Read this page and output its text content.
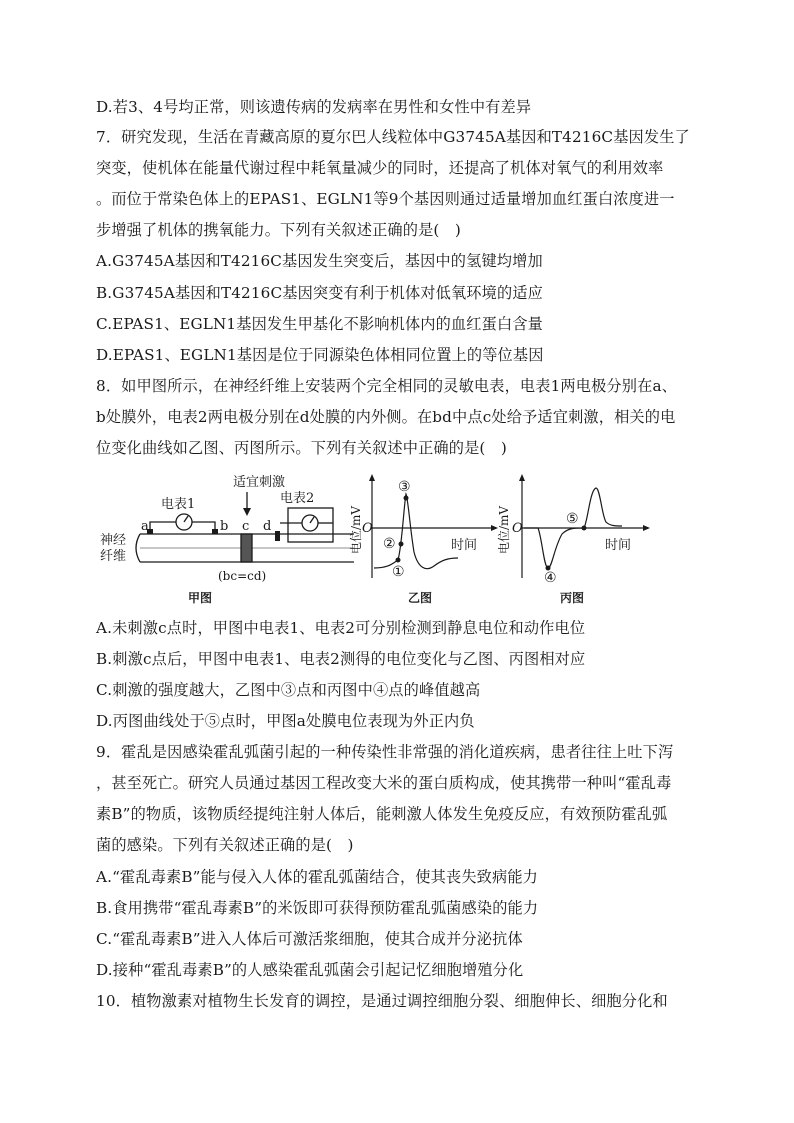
D.若3、4号均正常，则该遗传病的发病率在男性和女性中有差异
7．研究发现，生活在青藏高原的夏尔巴人线粒体中G3745A基因和T4216C基因发生了
突变，使机体在能量代谢过程中耗氧量减少的同时，还提高了机体对氧气的利用效率
。而位于常染色体上的EPAS1、EGLN1等9个基因则通过适量增加血红蛋白浓度进一
步增强了机体的携氧能力。下列有关叙述正确的是(　)
A.G3745A基因和T4216C基因发生突变后，基因中的氢键均增加
B.G3745A基因和T4216C基因突变有利于机体对低氧环境的适应
C.EPAS1、EGLN1基因发生甲基化不影响机体内的血红蛋白含量
D.EPAS1、EGLN1基因是位于同源染色体相同位置上的等位基因
8．如甲图所示，在神经纤维上安装两个完全相同的灵敏电表，电表1两电极分别在a、
b处膜外，电表2两电极分别在d处膜的内外侧。在bd中点c处给予适宜刺激，相关的电
位变化曲线如乙图、丙图所示。下列有关叙述中正确的是(　)
适宜刺激
电表1
a	b c d
电表2
神经
纤维
(bc=cd)
甲图
电位/mV O
时间
③
②
①
乙图
电位/mV O
时间
⑤
④
丙图
A.未刺激c点时，甲图中电表1、电表2可分别检测到静息电位和动作电位
B.刺激c点后，甲图中电表1、电表2测得的电位变化与乙图、丙图相对应
C.刺激的强度越大，乙图中③点和丙图中④点的峰值越高
D.丙图曲线处于⑤点时，甲图a处膜电位表现为外正内负
9．霍乱是因感染霍乱弧菌引起的一种传染性非常强的消化道疾病，患者往往上吐下泻
，甚至死亡。研究人员通过基因工程改变大米的蛋白质构成，使其携带一种叫“霍乱毒
素B”的物质，该物质经提纯注射人体后，能刺激人体发生免疫反应，有效预防霍乱弧
菌的感染。下列有关叙述正确的是(　)
A.“霍乱毒素B”能与侵入人体的霍乱弧菌结合，使其丧失致病能力
B.食用携带“霍乱毒素B”的米饭即可获得预防霍乱弧菌感染的能力
C.“霍乱毒素B”进入人体后可激活浆细胞，使其合成并分泌抗体
D.接种“霍乱毒素B”的人感染霍乱弧菌会引起记忆细胞增殖分化
10．植物激素对植物生长发育的调控，是通过调控细胞分裂、细胞伸长、细胞分化和
